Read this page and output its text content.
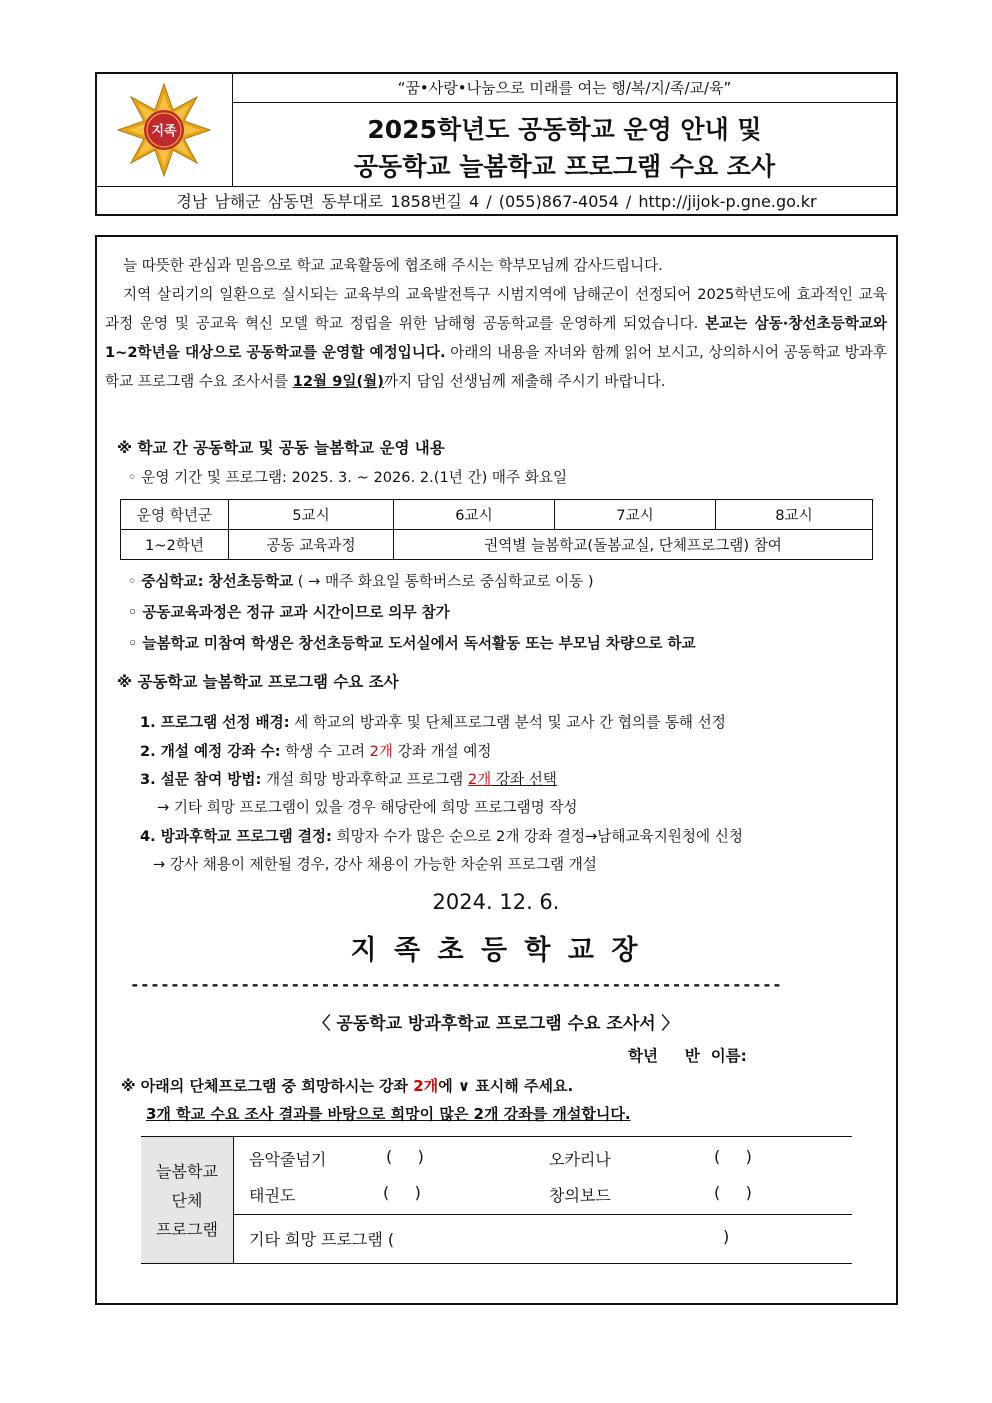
지족
“꿈•사랑•나눔으로 미래를 여는 행/복/지/족/교/육”
2025학년도 공동학교 운영 안내 및
공동학교 늘봄학교 프로그램 수요 조사
경남 남해군 삼동면 동부대로 1858번길 4 / (055)867-4054 / http://jijok-p.gne.go.kr
늘 따뜻한 관심과 믿음으로 학교 교육활동에 협조해 주시는 학부모님께 감사드립니다.
지역 살리기의 일환으로 실시되는 교육부의 교육발전특구 시범지역에 남해군이 선정되어 2025학년도에 효과적인 교육과정 운영 및 공교육 혁신 모델 학교 정립을 위한 남해형 공동학교를 운영하게 되었습니다. 본교는 삼동·창선초등학교와 1~2학년을 대상으로 공동학교를 운영할 예정입니다. 아래의 내용을 자녀와 함께 읽어 보시고, 상의하시어 공동학교 방과후학교 프로그램 수요 조사서를 12월 9일(월)까지 담임 선생님께 제출해 주시기 바랍니다.
※ 학교 간 공동학교 및 공동 늘봄학교 운영 내용
◦ 운영 기간 및 프로그램: 2025. 3. ~ 2026. 2.(1년 간) 매주 화요일
운영 학년군	5교시	6교시	7교시	8교시
1~2학년	공동 교육과정	권역별 늘봄학교(돌봄교실, 단체프로그램) 참여		
◦ 중심학교: 창선초등학교 ( → 매주 화요일 통학버스로 중심학교로 이동 )
◦ 공동교육과정은 정규 교과 시간이므로 의무 참가
◦ 늘봄학교 미참여 학생은 창선초등학교 도서실에서 독서활동 또는 부모님 차량으로 하교
※ 공동학교 늘봄학교 프로그램 수요 조사
1. 프로그램 선정 배경: 세 학교의 방과후 및 단체프로그램 분석 및 교사 간 협의를 통해 선정
2. 개설 예정 강좌 수: 학생 수 고려 2개 강좌 개설 예정
3. 설문 참여 방법: 개설 희망 방과후학교 프로그램 2개 강좌 선택
→ 기타 희망 프로그램이 있을 경우 해당란에 희망 프로그램명 작성
4. 방과후학교 프로그램 결정: 희망자 수가 많은 순으로 2개 강좌 결정→남해교육지원청에 신청
→ 강사 채용이 제한될 경우, 강사 채용이 가능한 차순위 프로그램 개설
2024. 12. 6.
지 족 초 등 학 교 장
-----------------------------------------------------------------
〈 공동학교 방과후학교 프로그램 수요 조사서 〉
학년     반  이름:
※ 아래의 단체프로그램 중 희망하시는 강좌 2개에 ∨ 표시해 주세요.
3개 학교 수요 조사 결과를 바탕으로 희망이 많은 2개 강좌를 개설합니다.
늘봄학교
단체
프로그램
음악줄넘기	(     )	오카리나	(     )
태권도	(     )	창의보드	(     )
기타 희망 프로그램 (	)
